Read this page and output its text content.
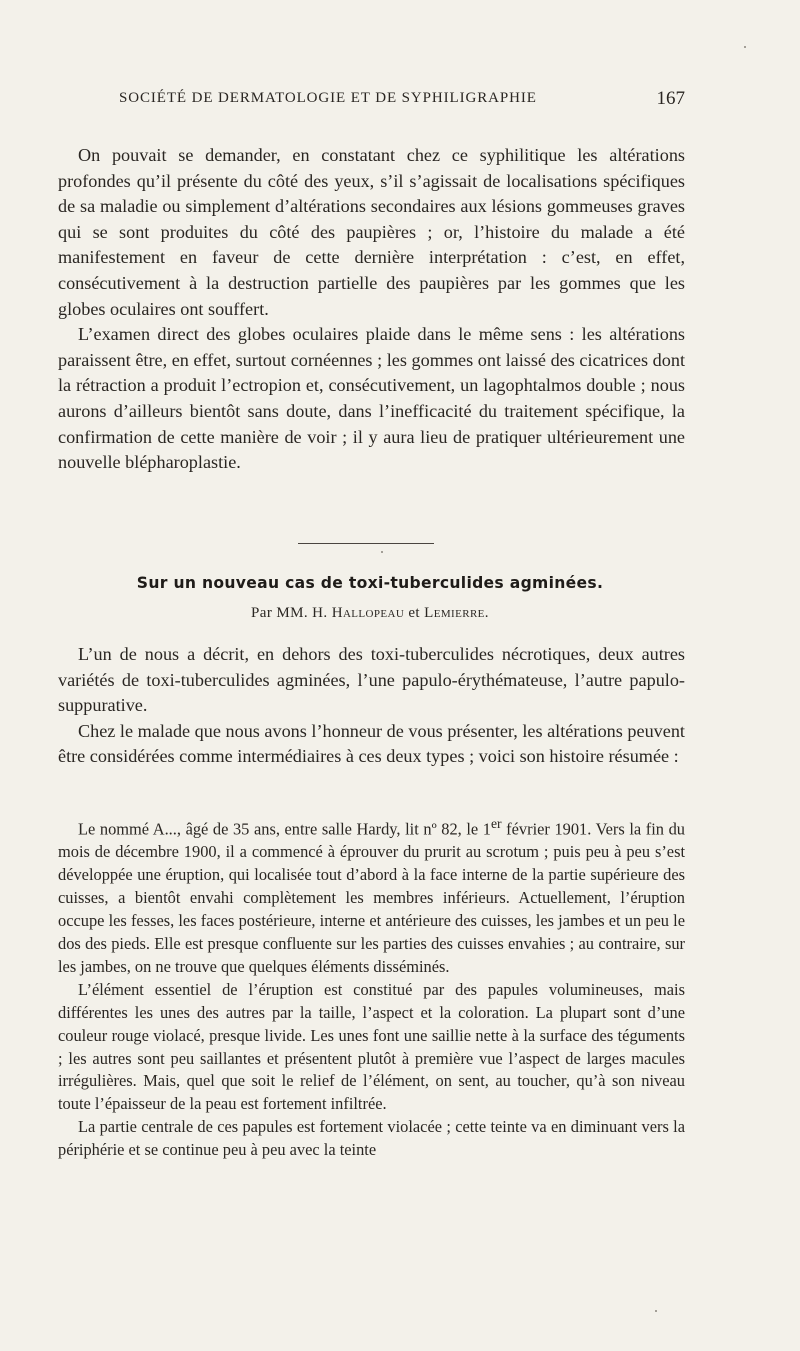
SOCIÉTÉ DE DERMATOLOGIE ET DE SYPHILIGRAPHIE	167

On pouvait se demander, en constatant chez ce syphilitique les altérations profondes qu’il présente du côté des yeux, s’il s’agissait de localisations spécifiques de sa maladie ou simplement d’altérations secondaires aux lésions gommeuses graves qui se sont produites du côté des paupières ; or, l’histoire du malade a été manifestement en faveur de cette dernière interprétation : c’est, en effet, consécutivement à la destruction partielle des paupières par les gommes que les globes oculaires ont souffert.

L’examen direct des globes oculaires plaide dans le même sens : les altérations paraissent être, en effet, surtout cornéennes ; les gommes ont laissé des cicatrices dont la rétraction a produit l’ectropion et, consécutivement, un lagophtalmos double ; nous aurons d’ailleurs bientôt sans doute, dans l’inefficacité du traitement spécifique, la confirmation de cette manière de voir ; il y aura lieu de pratiquer ultérieurement une nouvelle blépharoplastie.

Sur un nouveau cas de toxi-tuberculides agminées.
Par MM. H. Hallopeau et Lemierre.

L’un de nous a décrit, en dehors des toxi-tuberculides nécrotiques, deux autres variétés de toxi-tuberculides agminées, l’une papulo-érythémateuse, l’autre papulo-suppurative.

Chez le malade que nous avons l’honneur de vous présenter, les altérations peuvent être considérées comme intermédiaires à ces deux types ; voici son histoire résumée :

Le nommé A..., âgé de 35 ans, entre salle Hardy, lit nº 82, le 1er février 1901. Vers la fin du mois de décembre 1900, il a commencé à éprouver du prurit au scrotum ; puis peu à peu s’est développée une éruption, qui localisée tout d’abord à la face interne de la partie supérieure des cuisses, a bientôt envahi complètement les membres inférieurs. Actuellement, l’éruption occupe les fesses, les faces postérieure, interne et antérieure des cuisses, les jambes et un peu le dos des pieds. Elle est presque confluente sur les parties des cuisses envahies ; au contraire, sur les jambes, on ne trouve que quelques éléments disséminés.

L’élément essentiel de l’éruption est constitué par des papules volumineuses, mais différentes les unes des autres par la taille, l’aspect et la coloration. La plupart sont d’une couleur rouge violacé, presque livide. Les unes font une saillie nette à la surface des téguments ; les autres sont peu saillantes et présentent plutôt à première vue l’aspect de larges macules irrégulières. Mais, quel que soit le relief de l’élément, on sent, au toucher, qu’à son niveau toute l’épaisseur de la peau est fortement infiltrée.

La partie centrale de ces papules est fortement violacée ; cette teinte va en diminuant vers la périphérie et se continue peu à peu avec la teinte
